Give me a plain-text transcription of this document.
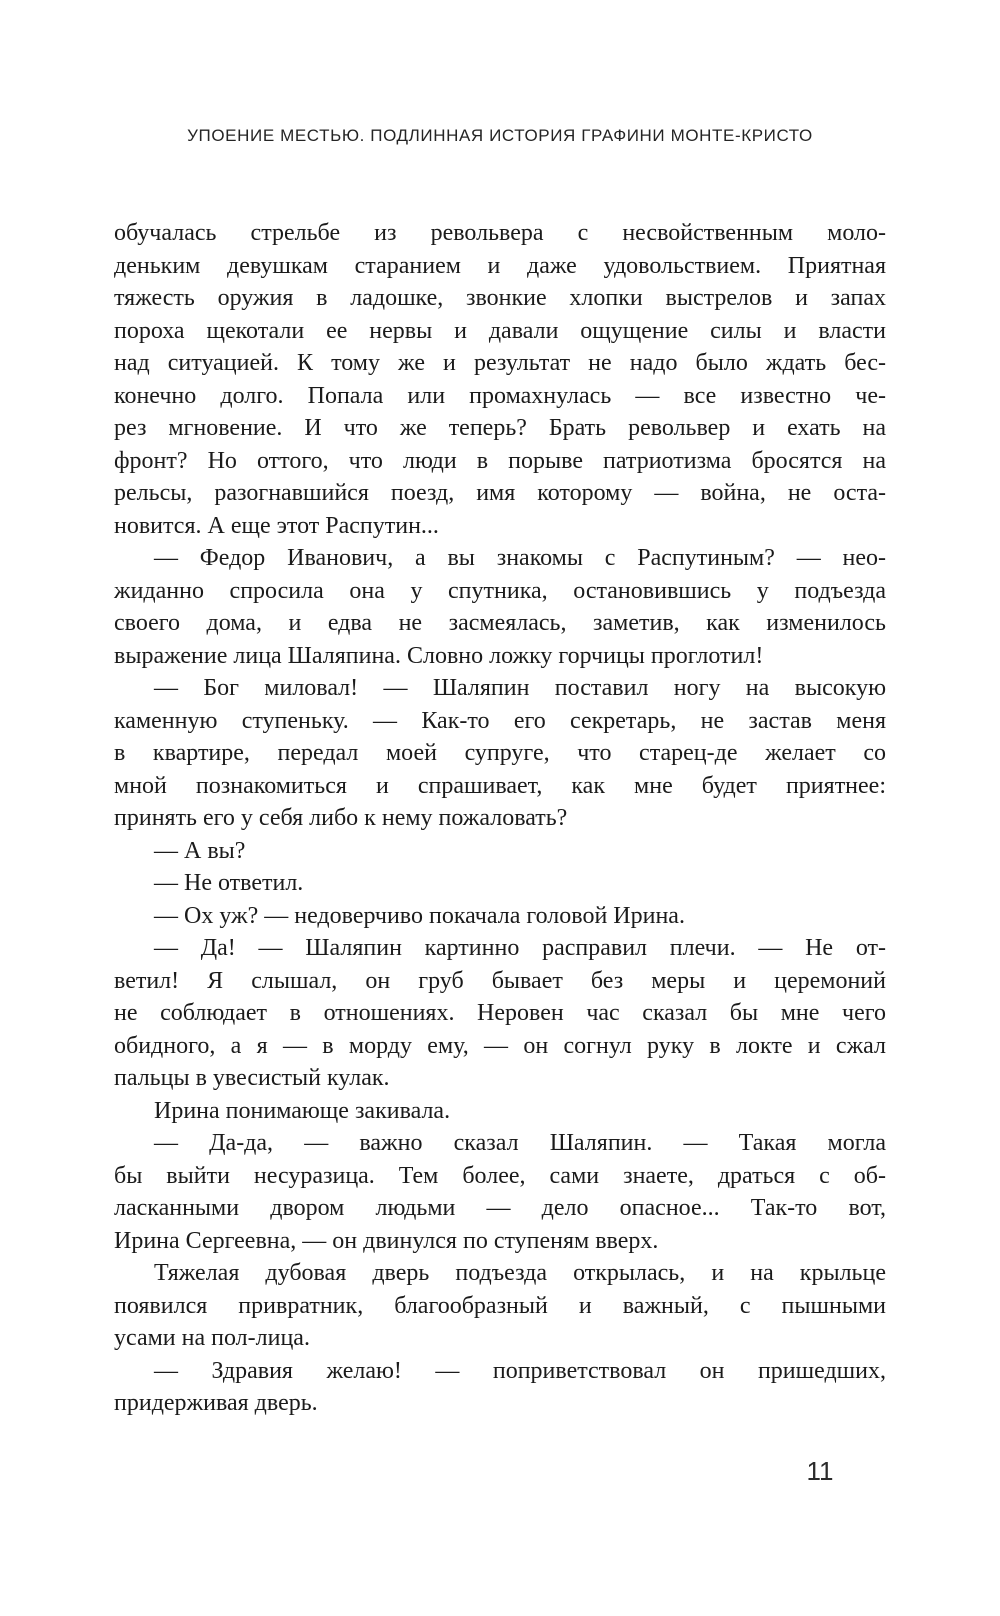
УПОЕНИЕ МЕСТЬЮ. ПОДЛИННАЯ ИСТОРИЯ ГРАФИНИ МОНТЕ-КРИСТО
обучалась стрельбе из револьвера с несвойственным моло-
деньким девушкам старанием и даже удовольствием. Приятная
тяжесть оружия в ладошке, звонкие хлопки выстрелов и запах
пороха щекотали ее нервы и давали ощущение силы и власти
над ситуацией. К тому же и результат не надо было ждать бес-
конечно долго. Попала или промахнулась — все известно че-
рез мгновение. И что же теперь? Брать револьвер и ехать на
фронт? Но оттого, что люди в порыве патриотизма бросятся на
рельсы, разогнавшийся поезд, имя которому — война, не оста-
новится. А еще этот Распутин...
— Федор Иванович, а вы знакомы с Распутиным? — нео-
жиданно спросила она у спутника, остановившись у подъезда
своего дома, и едва не засмеялась, заметив, как изменилось
выражение лица Шаляпина. Словно ложку горчицы проглотил!
— Бог миловал! — Шаляпин поставил ногу на высокую
каменную ступеньку. — Как-то его секретарь, не застав меня
в квартире, передал моей супруге, что старец-де желает со
мной познакомиться и спрашивает, как мне будет приятнее:
принять его у себя либо к нему пожаловать?
— А вы?
— Не ответил.
— Ох уж? — недоверчиво покачала головой Ирина.
— Да! — Шаляпин картинно расправил плечи. — Не от-
ветил! Я слышал, он груб бывает без меры и церемоний
не соблюдает в отношениях. Неровен час сказал бы мне чего
обидного, а я — в морду ему, — он согнул руку в локте и сжал
пальцы в увесистый кулак.
Ирина понимающе закивала.
— Да-да, — важно сказал Шаляпин. — Такая могла
бы выйти несуразица. Тем более, сами знаете, драться с об-
ласканными двором людьми — дело опасное... Так-то вот,
Ирина Сергеевна, — он двинулся по ступеням вверх.
Тяжелая дубовая дверь подъезда открылась, и на крыльце
появился привратник, благообразный и важный, с пышными
усами на пол-лица.
— Здравия желаю! — поприветствовал он пришедших,
придерживая дверь.
11
